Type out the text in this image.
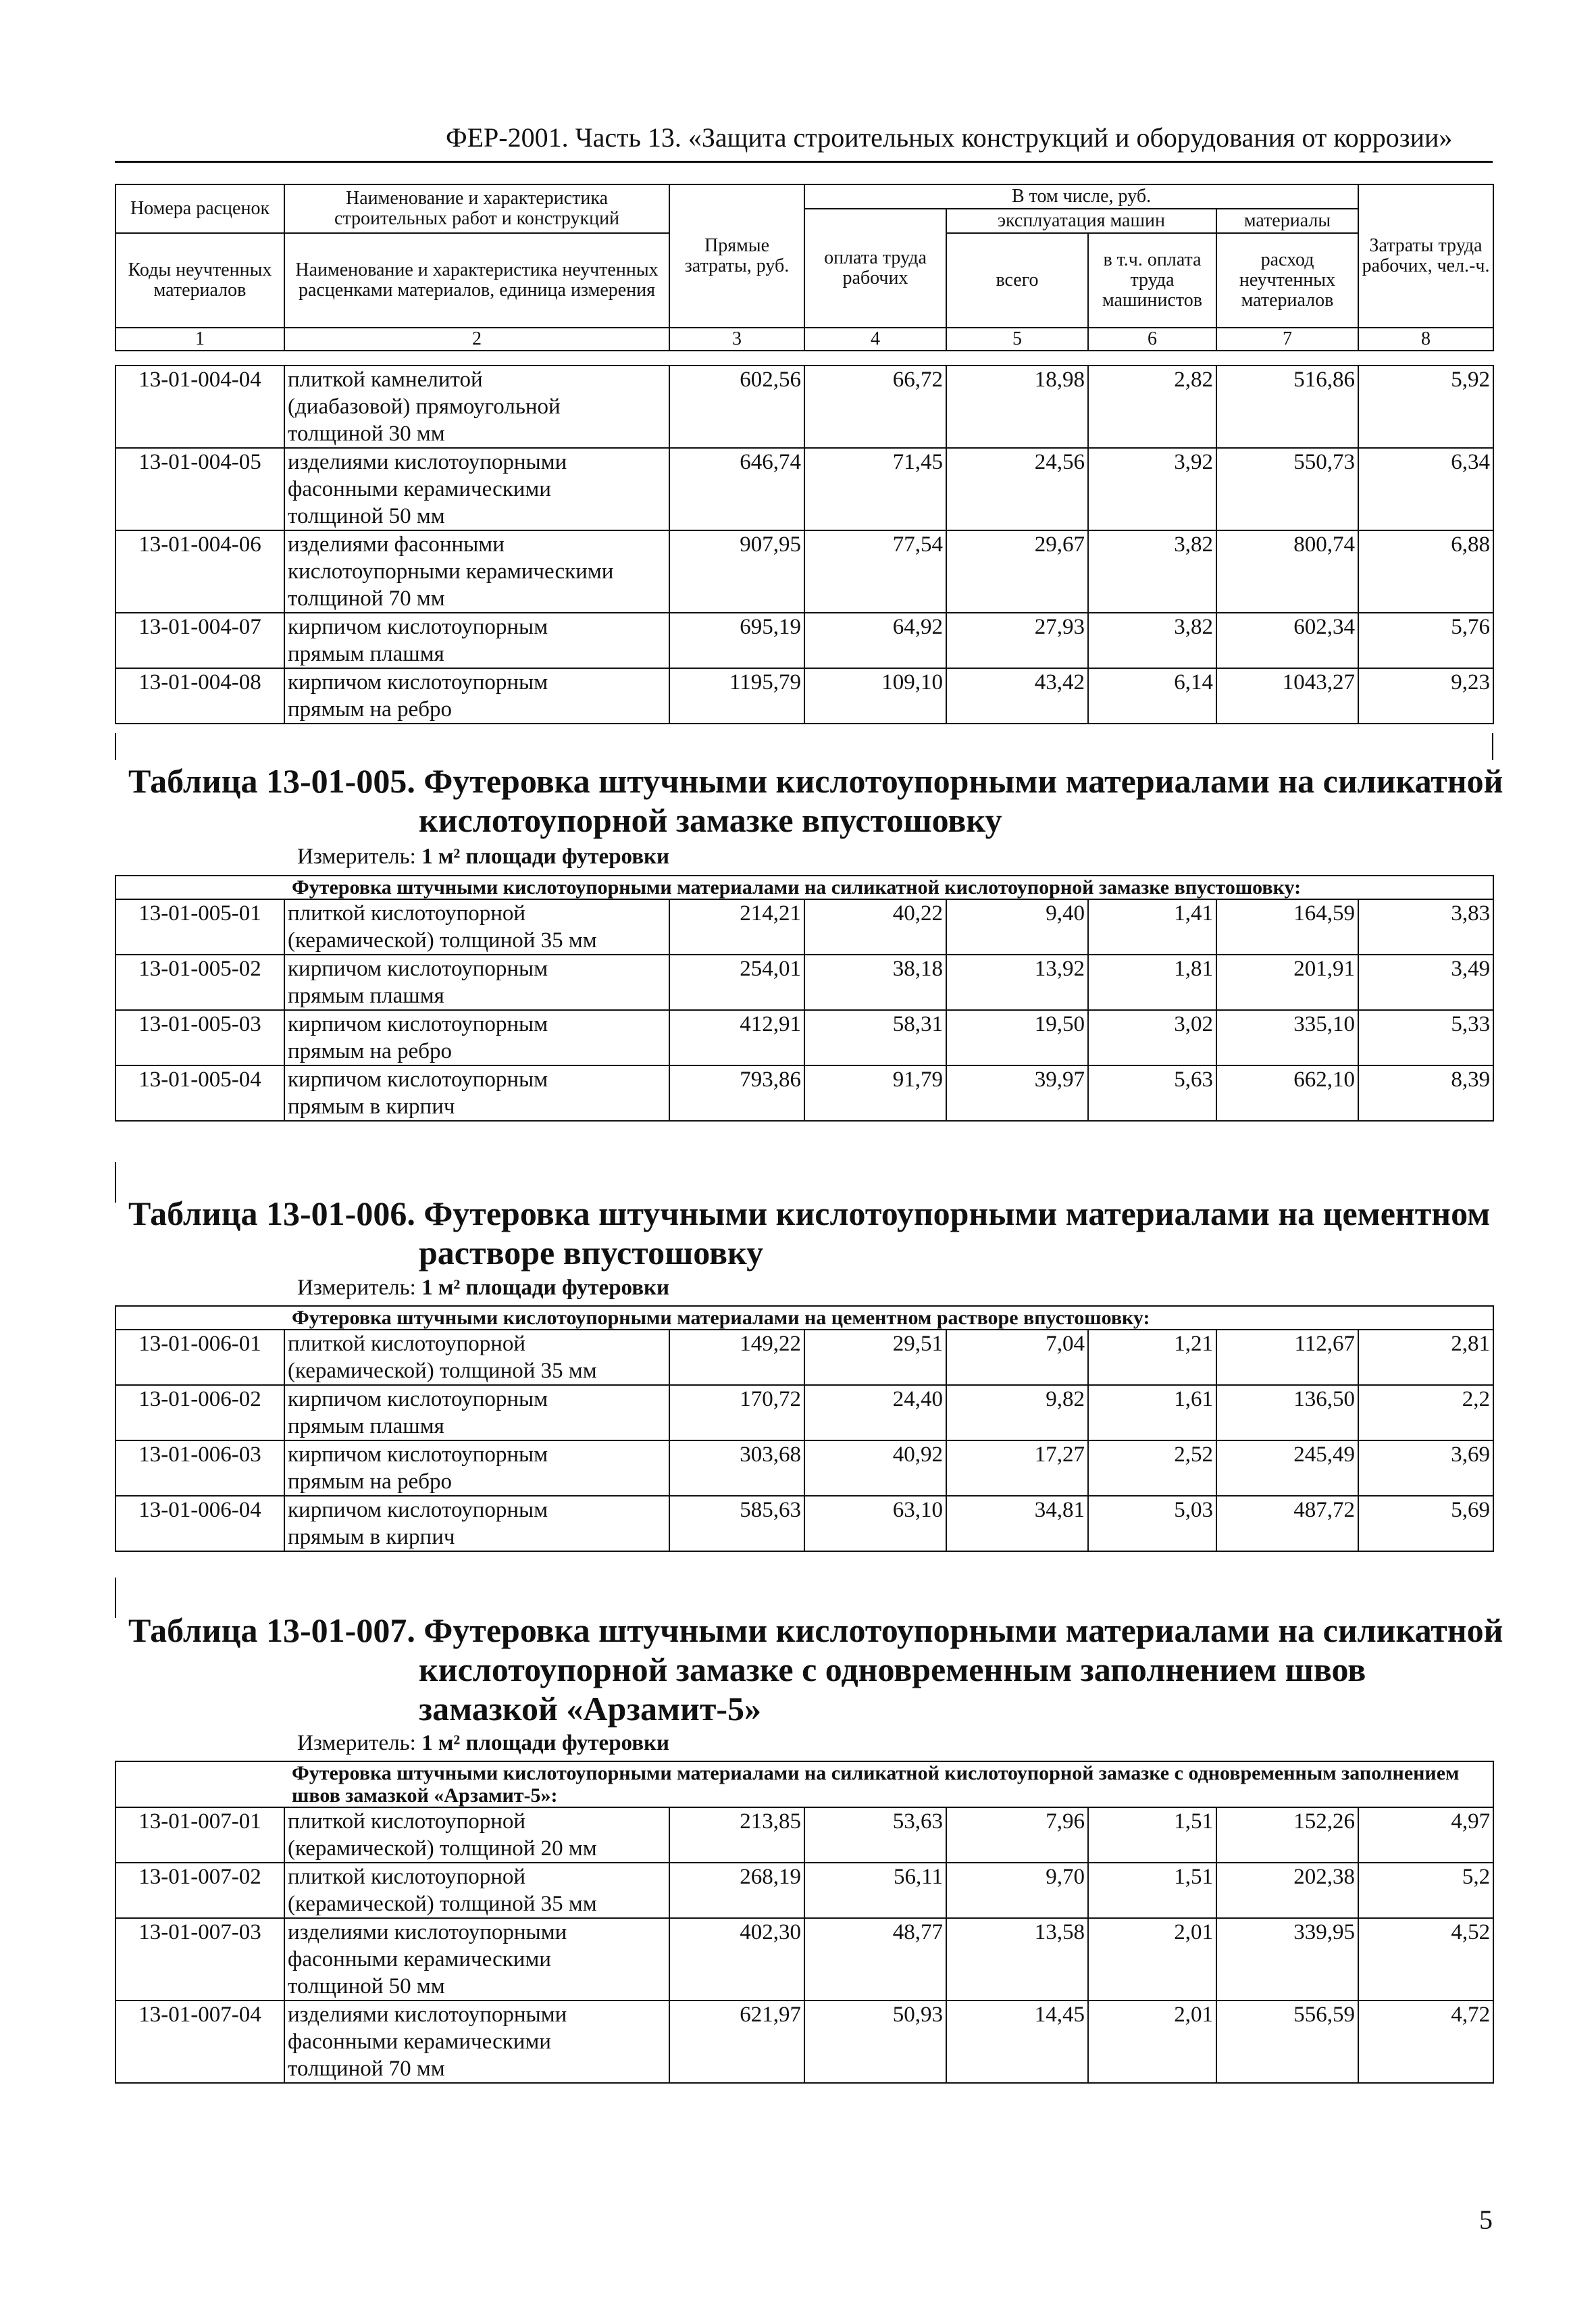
ФЕР-2001. Часть 13. «Защита строительных конструкций и оборудования от коррозии»
Номера расценок	Наименование и характеристика строительных работ и конструкций	Прямые затраты, руб.	В том числе, руб.				Затраты труда рабочих, чел.-ч.
			оплата труда рабочих	эксплуатация машин		материалы	
Коды неучтенных материалов	Наименование и характеристика неучтенных расценками материалов, единица измерения			всего	в т.ч. оплата труда машинистов	расход неучтенных материалов	

1	2	3	4	5	6	7	8
13-01-004-04	плиткой камнелитой
(диабазовой) прямоугольной
толщиной 30 мм	602,56	66,72	18,98	2,82	516,86	5,92
13-01-004-05	изделиями кислотоупорными
фасонными керамическими
толщиной 50 мм	646,74	71,45	24,56	3,92	550,73	6,34
13-01-004-06	изделиями фасонными
кислотоупорными керамическими
толщиной 70 мм	907,95	77,54	29,67	3,82	800,74	6,88
13-01-004-07	кирпичом кислотоупорным
прямым плашмя	695,19	64,92	27,93	3,82	602,34	5,76
13-01-004-08	кирпичом кислотоупорным
прямым на ребро	1195,79	109,10	43,42	6,14	1043,27	9,23
Таблица 13-01-005. Футеровка штучными кислотоупорными материалами на силикатной
кислотоупорной замазке впустошовку
Измеритель: 1 м² площади футеровки
Футеровка штучными кислотоупорными материалами на силикатной кислотоупорной замазке впустошовку:							
13-01-005-01	плиткой кислотоупорной
(керамической) толщиной 35 мм	214,21	40,22	9,40	1,41	164,59	3,83
13-01-005-02	кирпичом кислотоупорным
прямым плашмя	254,01	38,18	13,92	1,81	201,91	3,49
13-01-005-03	кирпичом кислотоупорным
прямым на ребро	412,91	58,31	19,50	3,02	335,10	5,33
13-01-005-04	кирпичом кислотоупорным
прямым в кирпич	793,86	91,79	39,97	5,63	662,10	8,39
Таблица 13-01-006. Футеровка штучными кислотоупорными материалами на цементном
растворе впустошовку
Измеритель: 1 м² площади футеровки
Футеровка штучными кислотоупорными материалами на цементном растворе впустошовку:							
13-01-006-01	плиткой кислотоупорной
(керамической) толщиной 35 мм	149,22	29,51	7,04	1,21	112,67	2,81
13-01-006-02	кирпичом кислотоупорным
прямым плашмя	170,72	24,40	9,82	1,61	136,50	2,2
13-01-006-03	кирпичом кислотоупорным
прямым на ребро	303,68	40,92	17,27	2,52	245,49	3,69
13-01-006-04	кирпичом кислотоупорным
прямым в кирпич	585,63	63,10	34,81	5,03	487,72	5,69
Таблица 13-01-007. Футеровка штучными кислотоупорными материалами на силикатной
кислотоупорной замазке с одновременным заполнением швов
замазкой «Арзамит-5»
Измеритель: 1 м² площади футеровки
Футеровка штучными кислотоупорными материалами на силикатной кислотоупорной замазке с одновременным заполнением швов замазкой «Арзамит-5»:							
13-01-007-01	плиткой кислотоупорной
(керамической) толщиной 20 мм	213,85	53,63	7,96	1,51	152,26	4,97
13-01-007-02	плиткой кислотоупорной
(керамической) толщиной 35 мм	268,19	56,11	9,70	1,51	202,38	5,2
13-01-007-03	изделиями кислотоупорными
фасонными керамическими
толщиной 50 мм	402,30	48,77	13,58	2,01	339,95	4,52
13-01-007-04	изделиями кислотоупорными
фасонными керамическими
толщиной 70 мм	621,97	50,93	14,45	2,01	556,59	4,72
5
